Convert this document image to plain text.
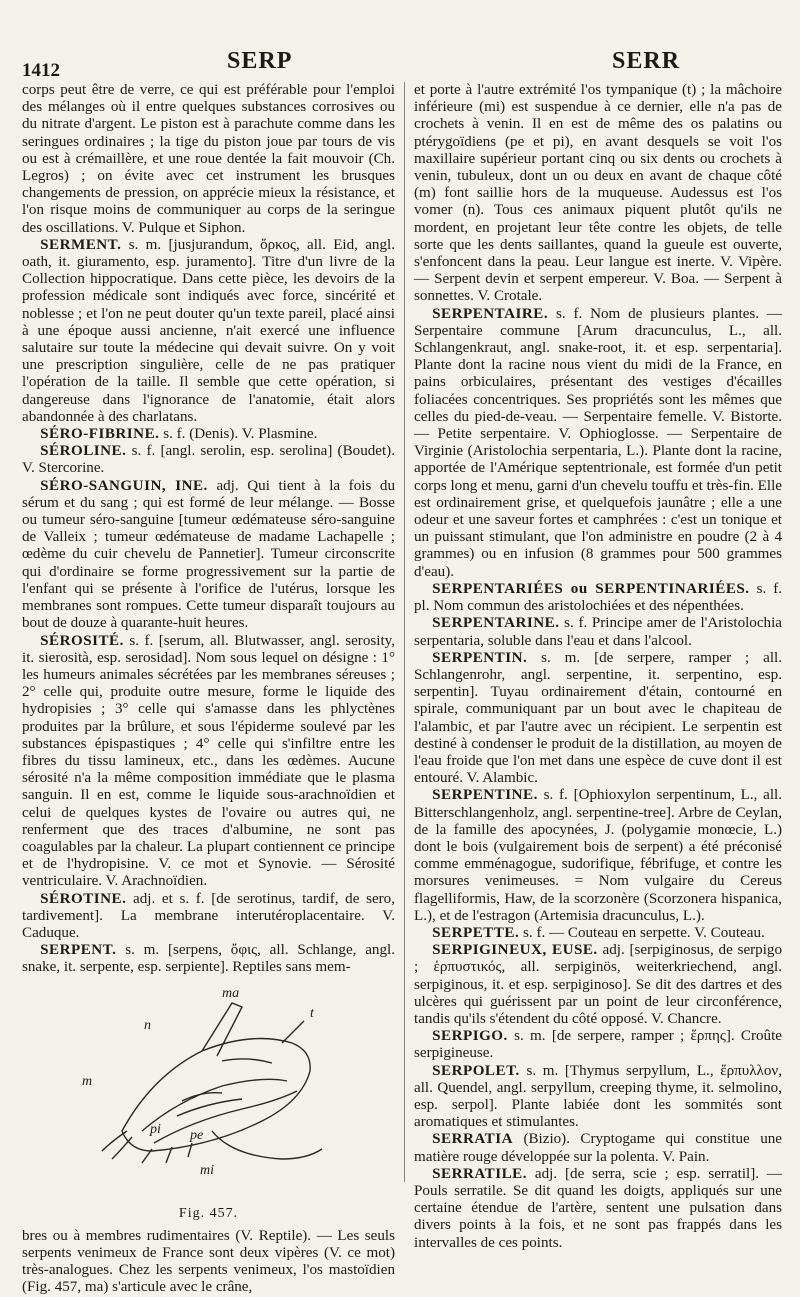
1412	SERP	SERR

corps peut être de verre, ce qui est préférable pour l'emploi des mélanges où il entre quelques substances corrosives ou du nitrate d'argent. Le piston est à parachute comme dans les seringues ordinaires ; la tige du piston joue par tours de vis ou est à crémaillère, et une roue dentée la fait mouvoir (Ch. Legros) ; on évite avec cet instrument les brusques changements de pression, on apprécie mieux la résistance, et l'on risque moins de communiquer au corps de la seringue des oscillations. V. Pulque et Siphon.

SERMENT. s. m. [jusjurandum, ὅρκος, all. Eid, angl. oath, it. giuramento, esp. juramento]. Titre d'un livre de la Collection hippocratique. Dans cette pièce, les devoirs de la profession médicale sont indiqués avec force, sincérité et noblesse ; et l'on ne peut douter qu'un texte pareil, placé ainsi à une époque aussi ancienne, n'ait exercé une influence salutaire sur toute la médecine qui devait suivre. On y voit une prescription singulière, celle de ne pas pratiquer l'opération de la taille. Il semble que cette opération, si dangereuse dans l'ignorance de l'anatomie, était alors abandonnée à des charlatans.

SÉRO-FIBRINE. s. f. (Denis). V. Plasmine.

SÉROLINE. s. f. [angl. serolin, esp. serolina] (Boudet). V. Stercorine.

SÉRO-SANGUIN, INE. adj. Qui tient à la fois du sérum et du sang ; qui est formé de leur mélange. — Bosse ou tumeur séro-sanguine [tumeur œdémateuse séro-sanguine de Valleix ; tumeur œdémateuse de madame Lachapelle ; œdème du cuir chevelu de Pannetier]. Tumeur circonscrite qui d'ordinaire se forme progressivement sur la partie de l'enfant qui se présente à l'orifice de l'utérus, lorsque les membranes sont rompues. Cette tumeur disparaît toujours au bout de douze à quarante-huit heures.

SÉROSITÉ. s. f. [serum, all. Blutwasser, angl. serosity, it. sierosità, esp. serosidad]. Nom sous lequel on désigne : 1° les humeurs animales sécrétées par les membranes séreuses ; 2° celle qui, produite outre mesure, forme le liquide des hydropisies ; 3° celle qui s'amasse dans les phlyctènes produites par la brûlure, et sous l'épiderme soulevé par les substances épispastiques ; 4° celle qui s'infiltre entre les fibres du tissu lamineux, etc., dans les œdèmes. Aucune sérosité n'a la même composition immédiate que le plasma sanguin. Il en est, comme le liquide sous-arachnoïdien et celui de quelques kystes de l'ovaire ou autres qui, ne renferment que des traces d'albumine, ne sont pas coagulables par la chaleur. La plupart contiennent ce principe et de l'hydropisine. V. ce mot et Synovie. — Sérosité ventriculaire. V. Arachnoïdien.

SÉROTINE. adj. et s. f. [de serotinus, tardif, de sero, tardivement]. La membrane interutéroplacentaire. V. Caduque.

SERPENT. s. m. [serpens, ὄφις, all. Schlange, angl. snake, it. serpente, esp. serpiente]. Reptiles sans mem-

ma
n
t
m
pi pe
mi
Fig. 457.

bres ou à membres rudimentaires (V. Reptile). — Les seuls serpents venimeux de France sont deux vipères (V. ce mot) très-analogues. Chez les serpents venimeux, l'os mastoïdien (Fig. 457, ma) s'articule avec le crâne,

et porte à l'autre extrémité l'os tympanique (t) ; la mâchoire inférieure (mi) est suspendue à ce dernier, elle n'a pas de crochets à venin. Il en est de même des os palatins ou ptérygoïdiens (pe et pi), en avant desquels se voit l'os maxillaire supérieur portant cinq ou six dents ou crochets à venin, tubuleux, dont un ou deux en avant de chaque côté (m) font saillie hors de la muqueuse. Audessus est l'os vomer (n). Tous ces animaux piquent plutôt qu'ils ne mordent, en projetant leur tête contre les objets, de telle sorte que les dents saillantes, quand la gueule est ouverte, s'enfoncent dans la peau. Leur langue est inerte. V. Vipère. — Serpent devin et serpent empereur. V. Boa. — Serpent à sonnettes. V. Crotale.

SERPENTAIRE. s. f. Nom de plusieurs plantes. — Serpentaire commune [Arum dracunculus, L., all. Schlangenkraut, angl. snake-root, it. et esp. serpentaria]. Plante dont la racine nous vient du midi de la France, en pains orbiculaires, présentant des vestiges d'écailles foliacées concentriques. Ses propriétés sont les mêmes que celles du pied-de-veau. — Serpentaire femelle. V. Bistorte. — Petite serpentaire. V. Ophioglosse. — Serpentaire de Virginie (Aristolochia serpentaria, L.). Plante dont la racine, apportée de l'Amérique septentrionale, est formée d'un petit corps long et menu, garni d'un chevelu touffu et très-fin. Elle est ordinairement grise, et quelquefois jaunâtre ; elle a une odeur et une saveur fortes et camphrées : c'est un tonique et un puissant stimulant, que l'on administre en poudre (2 à 4 grammes) ou en infusion (8 grammes pour 500 grammes d'eau).

SERPENTARIÉES ou SERPENTINARIÉES. s. f. pl. Nom commun des aristolochiées et des népenthées.

SERPENTARINE. s. f. Principe amer de l'Aristolochia serpentaria, soluble dans l'eau et dans l'alcool.

SERPENTIN. s. m. [de serpere, ramper ; all. Schlangenrohr, angl. serpentine, it. serpentino, esp. serpentin]. Tuyau ordinairement d'étain, contourné en spirale, communiquant par un bout avec le chapiteau de l'alambic, et par l'autre avec un récipient. Le serpentin est destiné à condenser le produit de la distillation, au moyen de l'eau froide que l'on met dans une espèce de cuve dont il est entouré. V. Alambic.

SERPENTINE. s. f. [Ophioxylon serpentinum, L., all. Bitterschlangenholz, angl. serpentine-tree]. Arbre de Ceylan, de la famille des apocynées, J. (polygamie monœcie, L.) dont le bois (vulgairement bois de serpent) a été préconisé comme emménagogue, sudorifique, fébrifuge, et contre les morsures venimeuses. = Nom vulgaire du Cereus flagelliformis, Haw, de la scorzonère (Scorzonera hispanica, L.), et de l'estragon (Artemisia dracunculus, L.).

SERPETTE. s. f. — Couteau en serpette. V. Couteau.

SERPIGINEUX, EUSE. adj. [serpiginosus, de serpigo ; ἑρπυστικός, all. serpiginös, weiterkriechend, angl. serpiginous, it. et esp. serpiginoso]. Se dit des dartres et des ulcères qui guérissent par un point de leur circonférence, tandis qu'ils s'étendent du côté opposé. V. Chancre.

SERPIGO. s. m. [de serpere, ramper ; ἕρπης]. Croûte serpigineuse.

SERPOLET. s. m. [Thymus serpyllum, L., ἕρπυλλον, all. Quendel, angl. serpyllum, creeping thyme, it. selmolino, esp. serpol]. Plante labiée dont les sommités sont aromatiques et stimulantes.

SERRATIA (Bizio). Cryptogame qui constitue une matière rouge développée sur la polenta. V. Pain.

SERRATILE. adj. [de serra, scie ; esp. serratil]. — Pouls serratile. Se dit quand les doigts, appliqués sur une certaine étendue de l'artère, sentent une pulsation dans divers points à la fois, et ne sont pas frappés dans les intervalles de ces points.
